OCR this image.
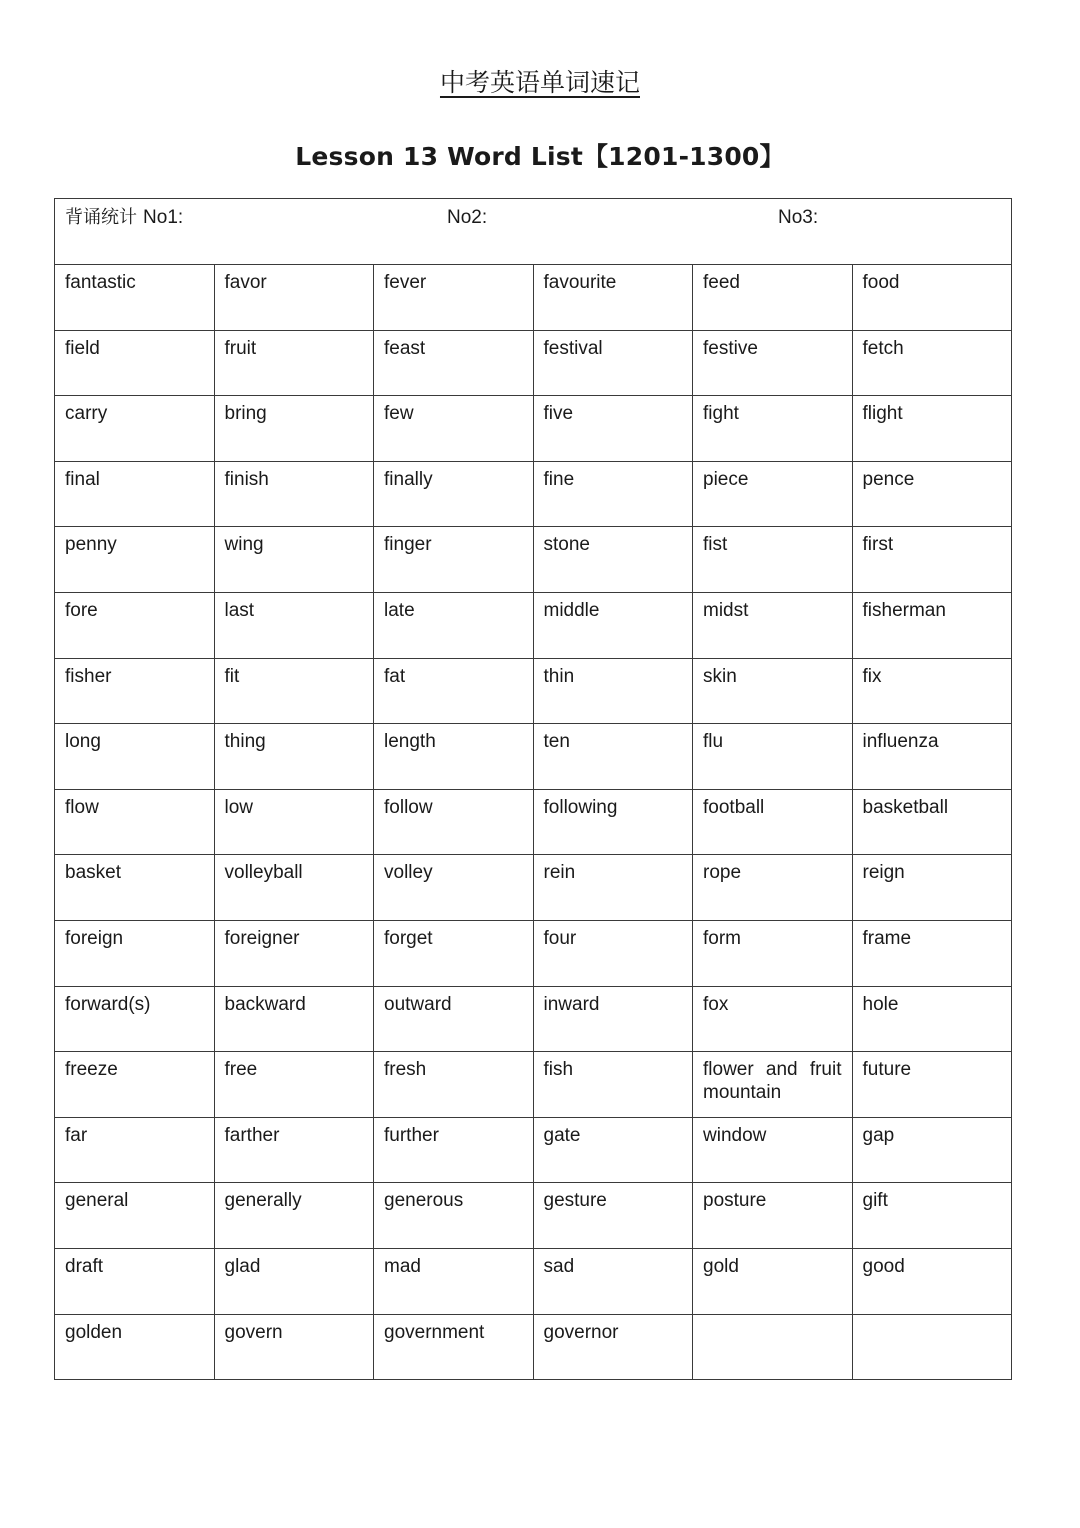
中考英语单词速记
Lesson 13 Word List【1201-1300】
背诵统计 No1: No2: No3:					

fantastic	favor	fever	favourite	feed	food
field	fruit	feast	festival	festive	fetch
carry	bring	few	five	fight	flight
final	finish	finally	fine	piece	pence
penny	wing	finger	stone	fist	first
fore	last	late	middle	midst	fisherman
fisher	fit	fat	thin	skin	fix
long	thing	length	ten	flu	influenza
flow	low	follow	following	football	basketball
basket	volleyball	volley	rein	rope	reign
foreign	foreigner	forget	four	form	frame
forward(s)	backward	outward	inward	fox	hole
freeze	free	fresh	fish	flower and fruit mountain	future
far	farther	further	gate	window	gap
general	generally	generous	gesture	posture	gift
draft	glad	mad	sad	gold	good
golden	govern	government	governor		
